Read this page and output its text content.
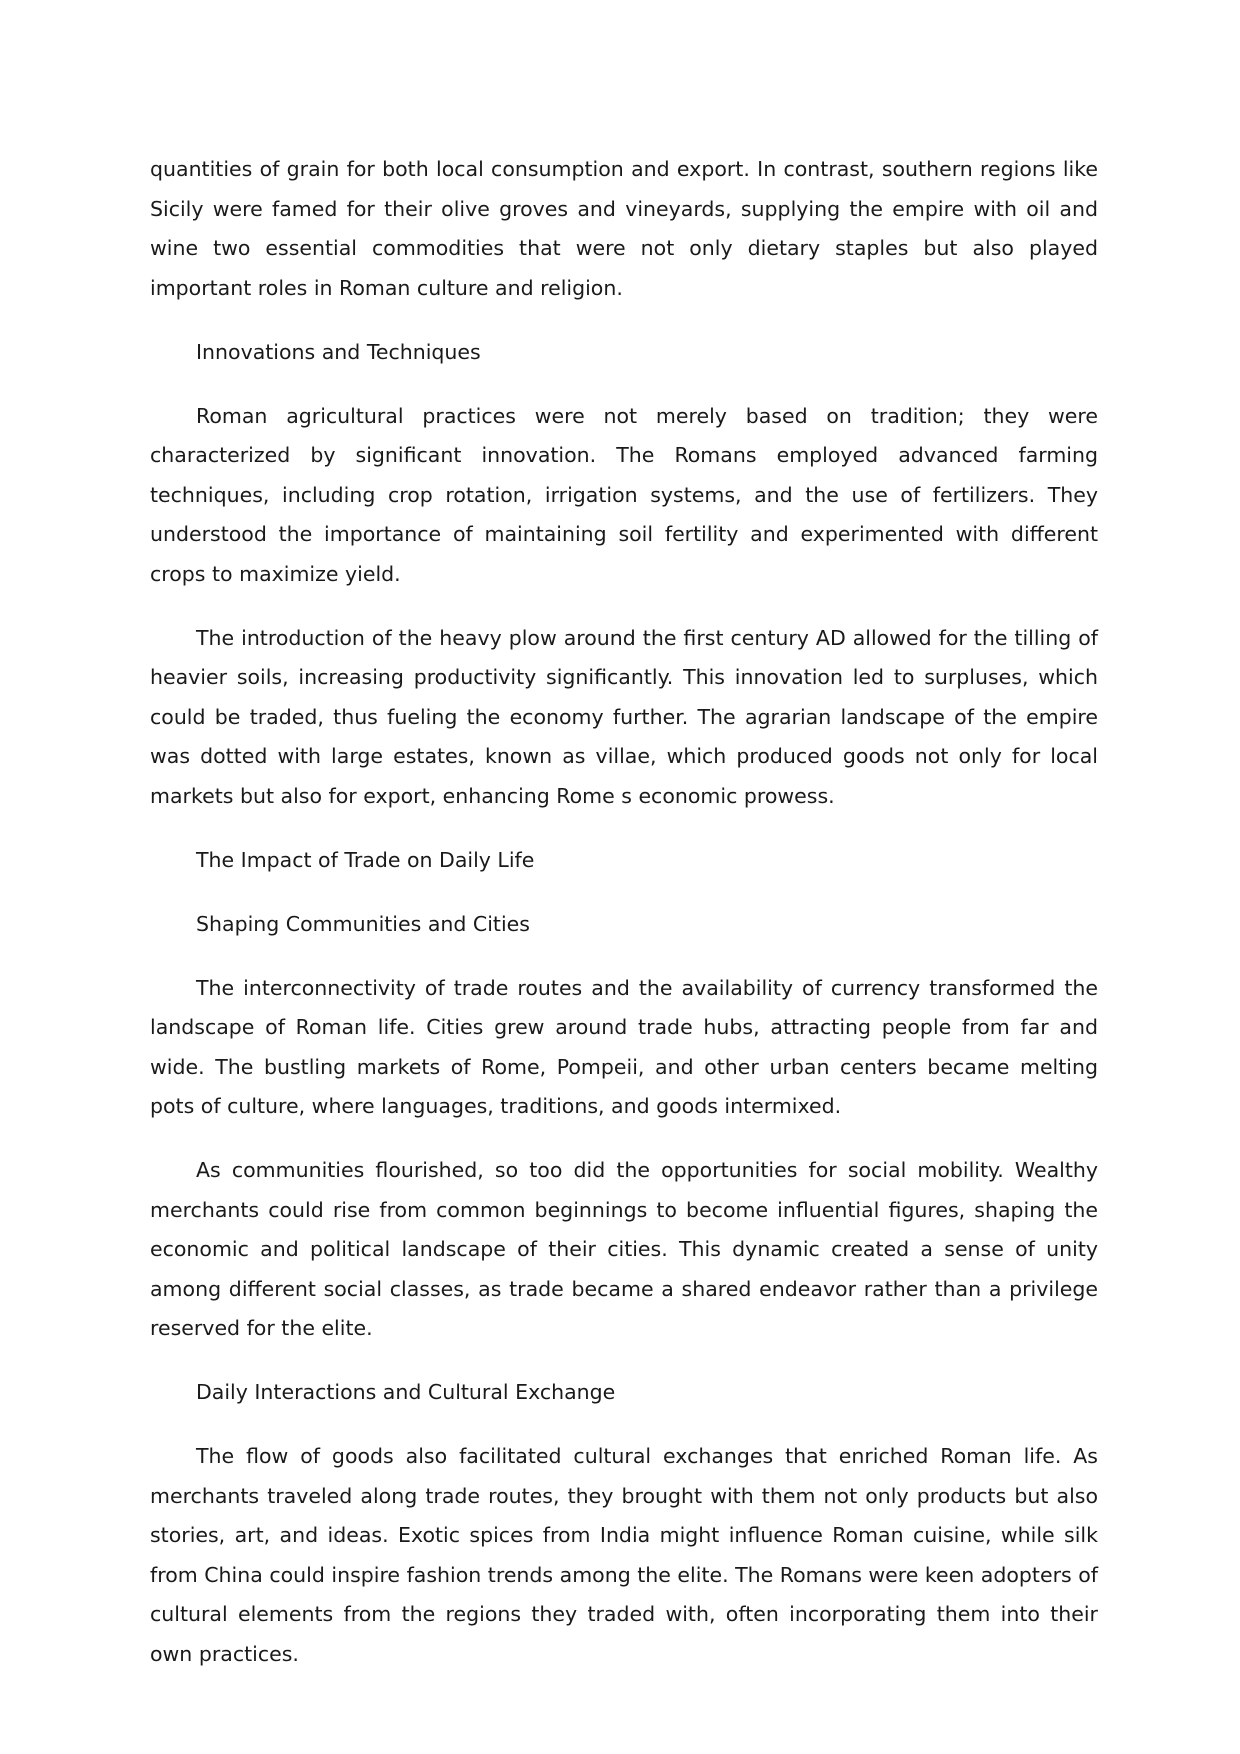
quantities of grain for both local consumption and export. In contrast, southern regions like Sicily were famed for their olive groves and vineyards, supplying the empire with oil and wine two essential commodities that were not only dietary staples but also played important roles in Roman culture and religion.

Innovations and Techniques

Roman agricultural practices were not merely based on tradition; they were characterized by significant innovation. The Romans employed advanced farming techniques, including crop rotation, irrigation systems, and the use of fertilizers. They understood the importance of maintaining soil fertility and experimented with different crops to maximize yield.

The introduction of the heavy plow around the first century AD allowed for the tilling of heavier soils, increasing productivity significantly. This innovation led to surpluses, which could be traded, thus fueling the economy further. The agrarian landscape of the empire was dotted with large estates, known as villae, which produced goods not only for local markets but also for export, enhancing Rome s economic prowess.

The Impact of Trade on Daily Life

Shaping Communities and Cities

The interconnectivity of trade routes and the availability of currency transformed the landscape of Roman life. Cities grew around trade hubs, attracting people from far and wide. The bustling markets of Rome, Pompeii, and other urban centers became melting pots of culture, where languages, traditions, and goods intermixed.

As communities flourished, so too did the opportunities for social mobility. Wealthy merchants could rise from common beginnings to become influential figures, shaping the economic and political landscape of their cities. This dynamic created a sense of unity among different social classes, as trade became a shared endeavor rather than a privilege reserved for the elite.

Daily Interactions and Cultural Exchange

The flow of goods also facilitated cultural exchanges that enriched Roman life. As merchants traveled along trade routes, they brought with them not only products but also stories, art, and ideas. Exotic spices from India might influence Roman cuisine, while silk from China could inspire fashion trends among the elite. The Romans were keen adopters of cultural elements from the regions they traded with, often incorporating them into their own practices.
